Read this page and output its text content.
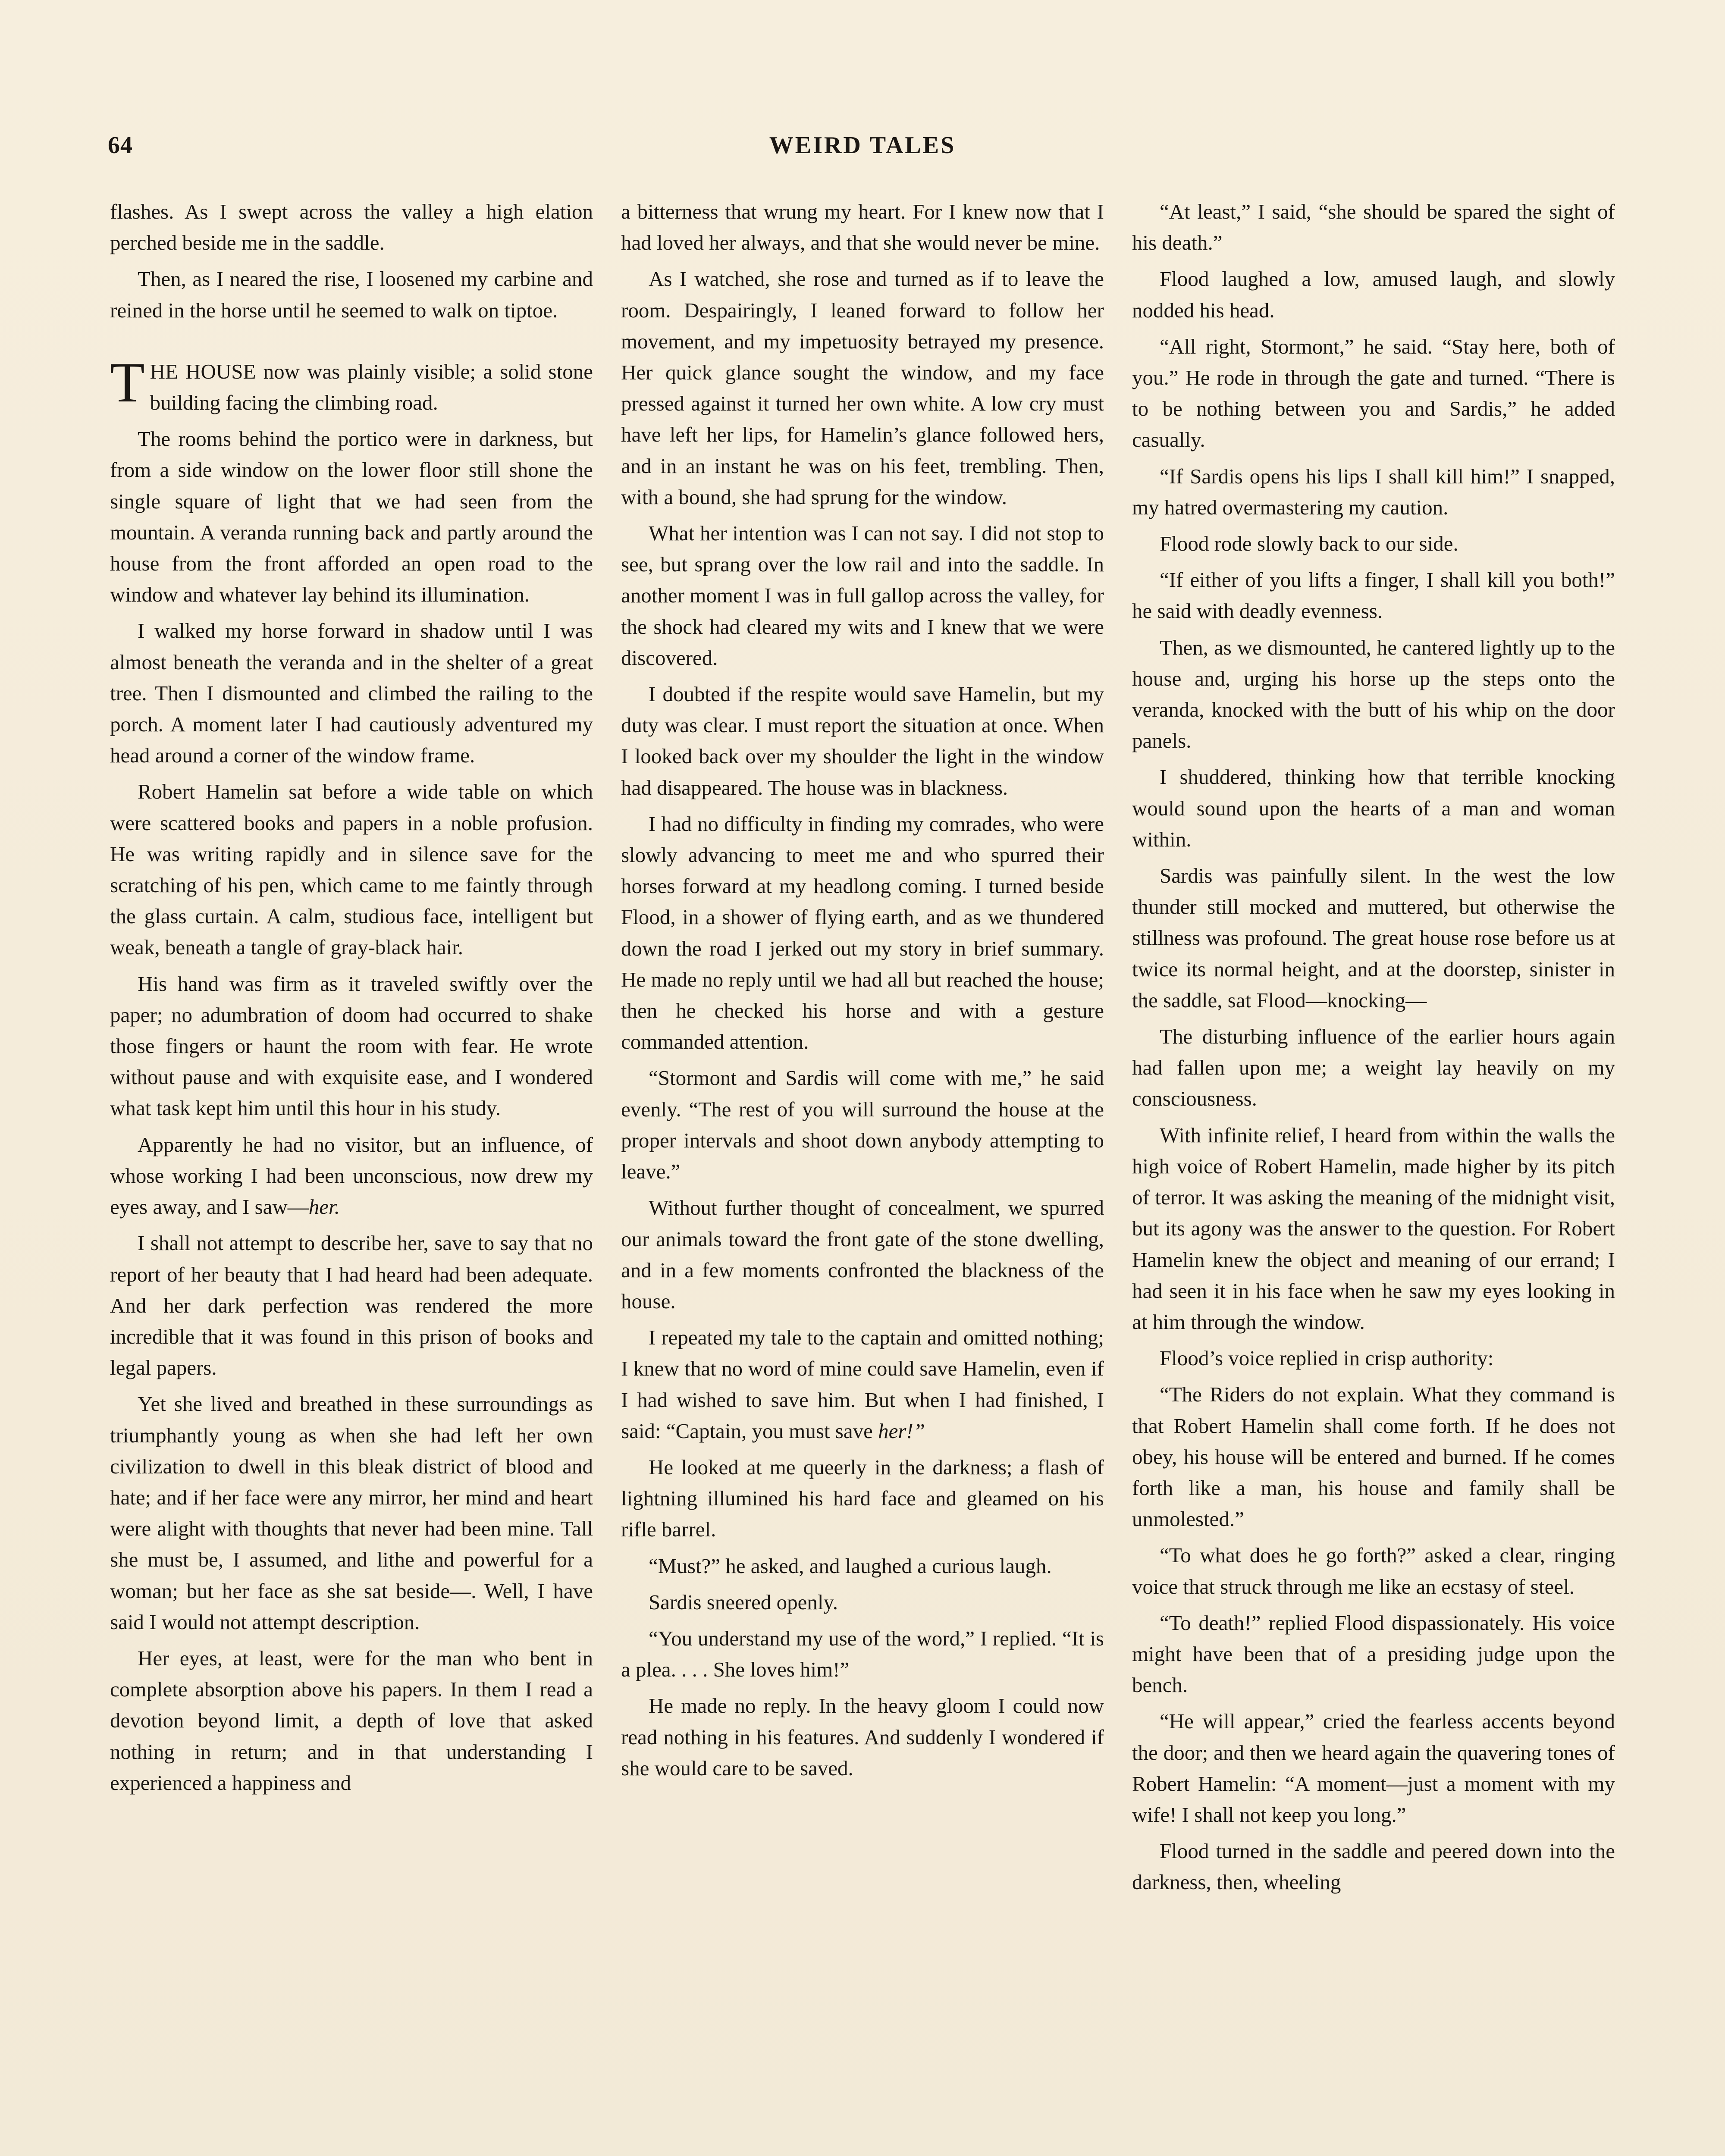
64	WEIRD TALES

flashes. As I swept across the valley a high elation perched beside me in the saddle.

Then, as I neared the rise, I loosened my carbine and reined in the horse until he seemed to walk on tiptoe.

THE HOUSE now was plainly visible; a solid stone building facing the climbing road.

The rooms behind the portico were in darkness, but from a side window on the lower floor still shone the single square of light that we had seen from the mountain. A veranda running back and partly around the house from the front afforded an open road to the window and whatever lay behind its illumination.

I walked my horse forward in shadow until I was almost beneath the veranda and in the shelter of a great tree. Then I dismounted and climbed the railing to the porch. A moment later I had cautiously adventured my head around a corner of the window frame.

Robert Hamelin sat before a wide table on which were scattered books and papers in a noble profusion. He was writing rapidly and in silence save for the scratching of his pen, which came to me faintly through the glass curtain. A calm, studious face, intelligent but weak, beneath a tangle of gray-black hair.

His hand was firm as it traveled swiftly over the paper; no adumbration of doom had occurred to shake those fingers or haunt the room with fear. He wrote without pause and with exquisite ease, and I wondered what task kept him until this hour in his study.

Apparently he had no visitor, but an influence, of whose working I had been unconscious, now drew my eyes away, and I saw—her.

I shall not attempt to describe her, save to say that no report of her beauty that I had heard had been adequate. And her dark perfection was rendered the more incredible that it was found in this prison of books and legal papers.

Yet she lived and breathed in these surroundings as triumphantly young as when she had left her own civilization to dwell in this bleak district of blood and hate; and if her face were any mirror, her mind and heart were alight with thoughts that never had been mine. Tall she must be, I assumed, and lithe and powerful for a woman; but her face as she sat beside—. Well, I have said I would not attempt description.

Her eyes, at least, were for the man who bent in complete absorption above his papers. In them I read a devotion beyond limit, a depth of love that asked nothing in return; and in that understanding I experienced a happiness and

a bitterness that wrung my heart. For I knew now that I had loved her always, and that she would never be mine.

As I watched, she rose and turned as if to leave the room. Despairingly, I leaned forward to follow her movement, and my impetuosity betrayed my presence. Her quick glance sought the window, and my face pressed against it turned her own white. A low cry must have left her lips, for Hamelin’s glance followed hers, and in an instant he was on his feet, trembling. Then, with a bound, she had sprung for the window.

What her intention was I can not say. I did not stop to see, but sprang over the low rail and into the saddle. In another moment I was in full gallop across the valley, for the shock had cleared my wits and I knew that we were discovered.

I doubted if the respite would save Hamelin, but my duty was clear. I must report the situation at once. When I looked back over my shoulder the light in the window had disappeared. The house was in blackness.

I had no difficulty in finding my comrades, who were slowly advancing to meet me and who spurred their horses forward at my headlong coming. I turned beside Flood, in a shower of flying earth, and as we thundered down the road I jerked out my story in brief summary. He made no reply until we had all but reached the house; then he checked his horse and with a gesture commanded attention.

“Stormont and Sardis will come with me,” he said evenly. “The rest of you will surround the house at the proper intervals and shoot down anybody attempting to leave.”

Without further thought of concealment, we spurred our animals toward the front gate of the stone dwelling, and in a few moments confronted the blackness of the house.

I repeated my tale to the captain and omitted nothing; I knew that no word of mine could save Hamelin, even if I had wished to save him. But when I had finished, I said: “Captain, you must save her!”

He looked at me queerly in the darkness; a flash of lightning illumined his hard face and gleamed on his rifle barrel.

“Must?” he asked, and laughed a curious laugh.

Sardis sneered openly.

“You understand my use of the word,” I replied. “It is a plea. . . . She loves him!”

He made no reply. In the heavy gloom I could now read nothing in his features. And suddenly I wondered if she would care to be saved.

“At least,” I said, “she should be spared the sight of his death.”

Flood laughed a low, amused laugh, and slowly nodded his head.

“All right, Stormont,” he said. “Stay here, both of you.” He rode in through the gate and turned. “There is to be nothing between you and Sardis,” he added casually.

“If Sardis opens his lips I shall kill him!” I snapped, my hatred overmastering my caution.

Flood rode slowly back to our side.

“If either of you lifts a finger, I shall kill you both!” he said with deadly evenness.

Then, as we dismounted, he cantered lightly up to the house and, urging his horse up the steps onto the veranda, knocked with the butt of his whip on the door panels.

I shuddered, thinking how that terrible knocking would sound upon the hearts of a man and woman within.

Sardis was painfully silent. In the west the low thunder still mocked and muttered, but otherwise the stillness was profound. The great house rose before us at twice its normal height, and at the doorstep, sinister in the saddle, sat Flood—knocking—

The disturbing influence of the earlier hours again had fallen upon me; a weight lay heavily on my consciousness.

With infinite relief, I heard from within the walls the high voice of Robert Hamelin, made higher by its pitch of terror. It was asking the meaning of the midnight visit, but its agony was the answer to the question. For Robert Hamelin knew the object and meaning of our errand; I had seen it in his face when he saw my eyes looking in at him through the window.

Flood’s voice replied in crisp authority:

“The Riders do not explain. What they command is that Robert Hamelin shall come forth. If he does not obey, his house will be entered and burned. If he comes forth like a man, his house and family shall be unmolested.”

“To what does he go forth?” asked a clear, ringing voice that struck through me like an ecstasy of steel.

“To death!” replied Flood dispassionately. His voice might have been that of a presiding judge upon the bench.

“He will appear,” cried the fearless accents beyond the door; and then we heard again the quavering tones of Robert Hamelin: “A moment—just a moment with my wife! I shall not keep you long.”

Flood turned in the saddle and peered down into the darkness, then, wheeling
